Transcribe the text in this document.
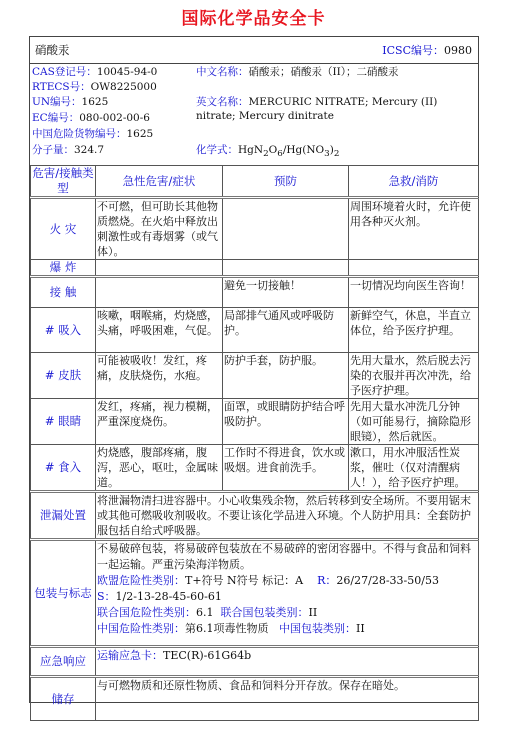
国际化学品安全卡
硝酸汞	ICSC编号：0980
CAS登记号：10045-94-0
RTECS号：OW8225000
UN编号：1625
EC编号：080-002-00-6
中国危险货物编号：1625
分子量：324.7
中文名称：硝酸汞；硝酸汞（II）；二硝酸汞
英文名称：MERCURIC NITRATE; Mercury (II) nitrate; Mercury dinitrate
化学式：$HgN_2O_6/Hg(NO_3)_2$
危害/接触类型	急性危害/症状	预防	急救/消防
火 灾	不可燃，但可助长其他物质燃烧。在火焰中释放出刺激性或有毒烟雾（或气体）。		周围环境着火时，允许使用各种灭火剂。
爆 炸			
接 触		避免一切接触！	一切情况均向医生咨询！
# 吸入	咳嗽，咽喉痛，灼烧感，头痛，呼吸困难，气促。	局部排气通风或呼吸防护。	新鲜空气，休息，半直立体位，给予医疗护理。
# 皮肤	可能被吸收！发红，疼痛，皮肤烧伤，水疱。	防护手套，防护服。	先用大量水，然后脱去污染的衣服并再次冲洗，给予医疗护理。
# 眼睛	发红，疼痛，视力模糊，严重深度烧伤。	面罩，或眼睛防护结合呼吸防护。	先用大量水冲洗几分钟（如可能易行，摘除隐形眼镜），然后就医。
# 食入	灼烧感，腹部疼痛，腹泻，恶心，呕吐，金属味道。	工作时不得进食，饮水或吸烟。进食前洗手。	漱口，用水冲服活性炭浆，催吐（仅对清醒病人！），给予医疗护理。
泄漏处置	将泄漏物清扫进容器中。小心收集残余物，然后转移到安全场所。不要用锯末或其他可燃吸收剂吸收。不要让该化学品进入环境。个人防护用具：全套防护服包括自给式呼吸器。		
包装与标志	不易破碎包装，将易破碎包装放在不易破碎的密闭容器中。不得与食品和饲料一起运输。严重污染海洋物质。
欧盟危险性类别：T+符号 N符号 标记：A R：26/27/28-33-50/53
S：1/2-13-28-45-60-61
联合国危险性类别：6.1 联合国包装类别：II
中国危险性类别：第6.1项毒性物质 中国包装类别：II		

应急响应	运输应急卡：TEC(R)-61G64b		
储存	与可燃物质和还原性物质、食品和饲料分开存放。保存在暗处。		
